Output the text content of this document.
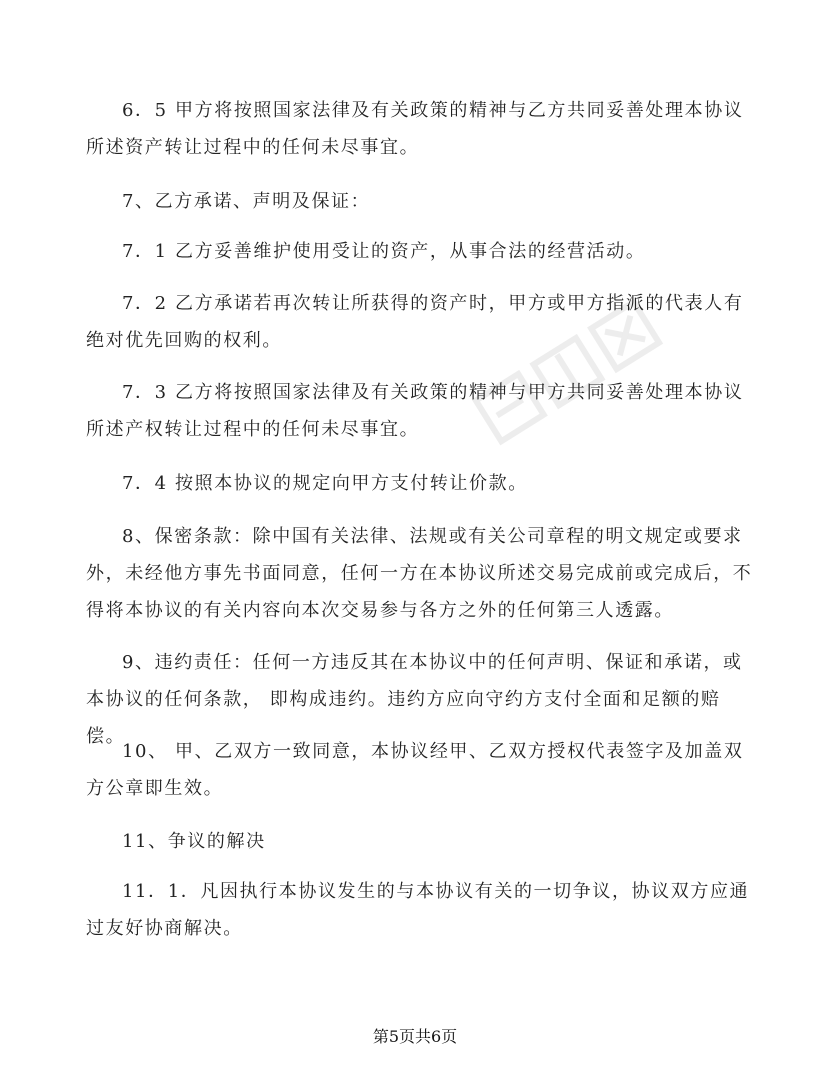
6．5 甲方将按照国家法律及有关政策的精神与乙方共同妥善处理本协议所述资产转让过程中的任何未尽事宜。

7、乙方承诺、声明及保证：

7．1 乙方妥善维护使用受让的资产，从事合法的经营活动。

7．2 乙方承诺若再次转让所获得的资产时，甲方或甲方指派的代表人有绝对优先回购的权利。

7．3 乙方将按照国家法律及有关政策的精神与甲方共同妥善处理本协议所述产权转让过程中的任何未尽事宜。

7．4 按照本协议的规定向甲方支付转让价款。

8、保密条款：除中国有关法律、法规或有关公司章程的明文规定或要求外，未经他方事先书面同意，任何一方在本协议所述交易完成前或完成后，不得将本协议的有关内容向本次交易参与各方之外的任何第三人透露。

9、违约责任：任何一方违反其在本协议中的任何声明、保证和承诺，或本协议的任何条款， 即构成违约。违约方应向守约方支付全面和足额的赔偿。

10、 甲、乙双方一致同意，本协议经甲、乙双方授权代表签字及加盖双方公章即生效。

11、争议的解决

11．1．凡因执行本协议发生的与本协议有关的一切争议，协议双方应通过友好协商解决。

第5页共6页
